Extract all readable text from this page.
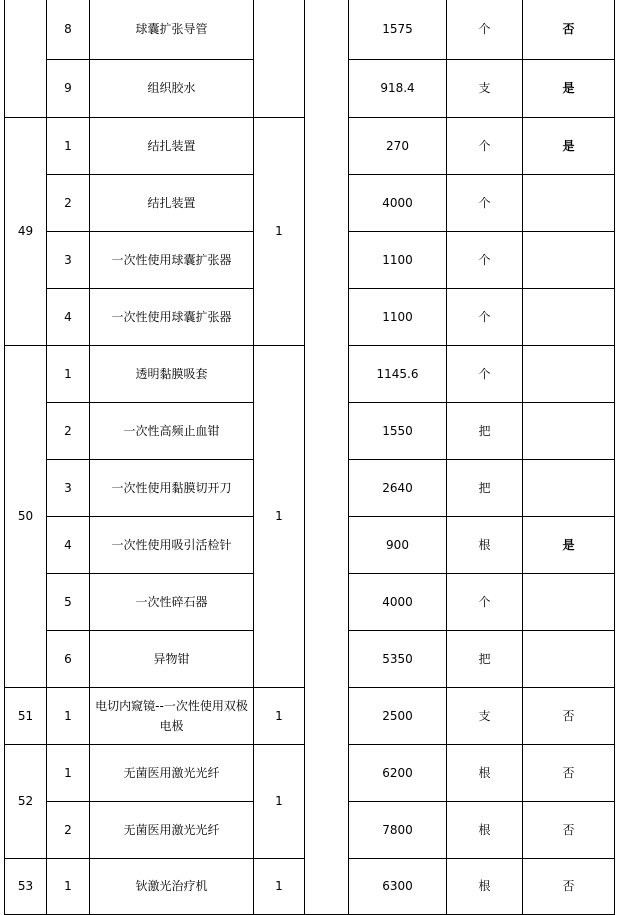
	8	球囊扩张导管			1575	个	否
	9	组织胶水			918.4	支	是
49	1	结扎装置	1		270	个	是
	2	结扎装置			4000	个	
	3	一次性使用球囊扩张器			1100	个	
	4	一次性使用球囊扩张器			1100	个	
50	1	透明黏膜吸套	1		1145.6	个	
	2	一次性高频止血钳			1550	把	
	3	一次性使用黏膜切开刀			2640	把	
	4	一次性使用吸引活检针			900	根	是
	5	一次性碎石器			4000	个	
	6	异物钳			5350	把	
51	1	电切内窥镜--一次性使用双极电极	1		2500	支	否
52	1	无菌医用激光光纤	1		6200	根	否
	2	无菌医用激光光纤			7800	根	否
53	1	钬激光治疗机	1		6300	根	否
